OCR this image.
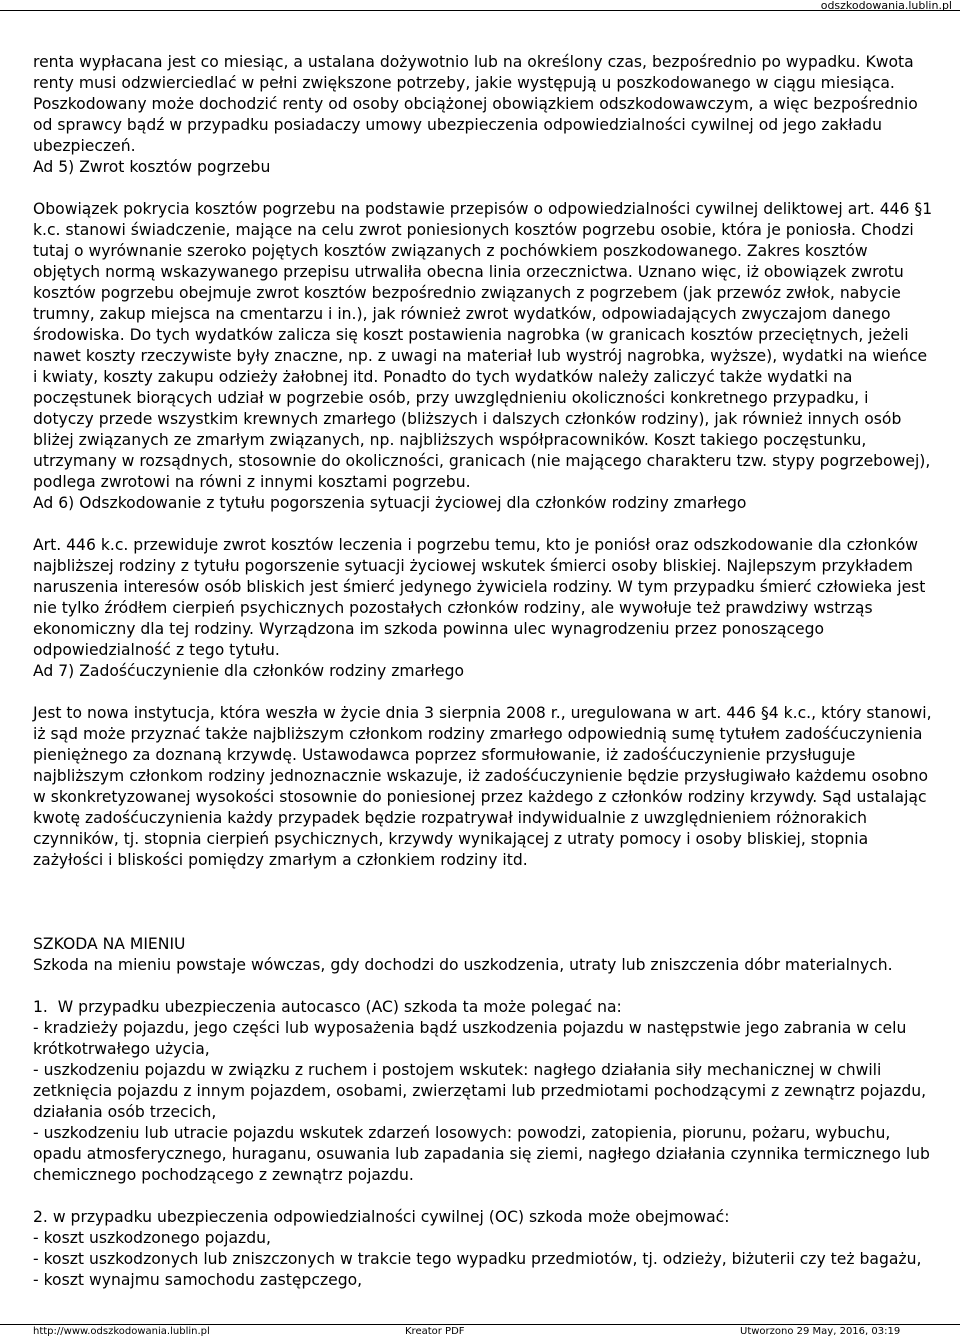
odszkodowania.lublin.pl

renta wypłacana jest co miesiąc, a ustalana dożywotnio lub na określony czas, bezpośrednio po wypadku. Kwota renty musi odzwierciedlać w pełni zwiększone potrzeby, jakie występują u poszkodowanego w ciągu miesiąca. Poszkodowany może dochodzić renty od osoby obciążonej obowiązkiem odszkodowawczym, a więc bezpośrednio od sprawcy bądź w przypadku posiadaczy umowy ubezpieczenia odpowiedzialności cywilnej od jego zakładu ubezpieczeń.

Ad 5) Zwrot kosztów pogrzebu

Obowiązek pokrycia kosztów pogrzebu na podstawie przepisów o odpowiedzialności cywilnej deliktowej art. 446 §1 k.c. stanowi świadczenie, mające na celu zwrot poniesionych kosztów pogrzebu osobie, która je poniosła. Chodzi tutaj o wyrównanie szeroko pojętych kosztów związanych z pochówkiem poszkodowanego. Zakres kosztów objętych normą wskazywanego przepisu utrwaliła obecna linia orzecznictwa. Uznano więc, iż obowiązek zwrotu kosztów pogrzebu obejmuje zwrot kosztów bezpośrednio związanych z pogrzebem (jak przewóz zwłok, nabycie trumny, zakup miejsca na cmentarzu i in.), jak również zwrot wydatków, odpowiadających zwyczajom danego środowiska. Do tych wydatków zalicza się koszt postawienia nagrobka (w granicach kosztów przeciętnych, jeżeli nawet koszty rzeczywiste były znaczne, np. z uwagi na materiał lub wystrój nagrobka, wyższe), wydatki na wieńce i kwiaty, koszty zakupu odzieży żałobnej itd. Ponadto do tych wydatków należy zaliczyć także wydatki na poczęstunek biorących udział w pogrzebie osób, przy uwzględnieniu okoliczności konkretnego przypadku, i dotyczy przede wszystkim krewnych zmarłego (bliższych i dalszych członków rodziny), jak również innych osób bliżej związanych ze zmarłym związanych, np. najbliższych współpracowników. Koszt takiego poczęstunku, utrzymany w rozsądnych, stosownie do okoliczności, granicach (nie mającego charakteru tzw. stypy pogrzebowej), podlega zwrotowi na równi z innymi kosztami pogrzebu.

Ad 6) Odszkodowanie z tytułu pogorszenia sytuacji życiowej dla członków rodziny zmarłego

Art. 446 k.c. przewiduje zwrot kosztów leczenia i pogrzebu temu, kto je poniósł oraz odszkodowanie dla członków najbliższej rodziny z tytułu pogorszenie sytuacji życiowej wskutek śmierci osoby bliskiej. Najlepszym przykładem naruszenia interesów osób bliskich jest śmierć jedynego żywiciela rodziny. W tym przypadku śmierć człowieka jest nie tylko źródłem cierpień psychicznych pozostałych członków rodziny, ale wywołuje też prawdziwy wstrząs ekonomiczny dla tej rodziny. Wyrządzona im szkoda powinna ulec wynagrodzeniu przez ponoszącego odpowiedzialność z tego tytułu.

Ad 7) Zadośćuczynienie dla członków rodziny zmarłego

Jest to nowa instytucja, która weszła w życie dnia 3 sierpnia 2008 r., uregulowana w art. 446 §4 k.c., który stanowi, iż sąd może przyznać także najbliższym członkom rodziny zmarłego odpowiednią sumę tytułem zadośćuczynienia pieniężnego za doznaną krzywdę. Ustawodawca poprzez sformułowanie, iż zadośćuczynienie przysługuje najbliższym członkom rodziny jednoznacznie wskazuje, iż zadośćuczynienie będzie przysługiwało każdemu osobno w skonkretyzowanej wysokości stosownie do poniesionej przez każdego z członków rodziny krzywdy. Sąd ustalając kwotę zadośćuczynienia każdy przypadek będzie rozpatrywał indywidualnie z uwzględnieniem różnorakich czynników, tj. stopnia cierpień psychicznych, krzywdy wynikającej z utraty pomocy i osoby bliskiej, stopnia zażyłości i bliskości pomiędzy zmarłym a członkiem rodziny itd.

SZKODA NA MIENIU

Szkoda na mieniu powstaje wówczas, gdy dochodzi do uszkodzenia, utraty lub zniszczenia dóbr materialnych.

1.  W przypadku ubezpieczenia autocasco (AC) szkoda ta może polegać na:

- kradzieży pojazdu, jego części lub wyposażenia bądź uszkodzenia pojazdu w następstwie jego zabrania w celu krótkotrwałego użycia,

- uszkodzeniu pojazdu w związku z ruchem i postojem wskutek: nagłego działania siły mechanicznej w chwili zetknięcia pojazdu z innym pojazdem, osobami, zwierzętami lub przedmiotami pochodzącymi z zewnątrz pojazdu, działania osób trzecich,

- uszkodzeniu lub utracie pojazdu wskutek zdarzeń losowych: powodzi, zatopienia, piorunu, pożaru, wybuchu, opadu atmosferycznego, huraganu, osuwania lub zapadania się ziemi, nagłego działania czynnika termicznego lub chemicznego pochodzącego z zewnątrz pojazdu.

2. w przypadku ubezpieczenia odpowiedzialności cywilnej (OC) szkoda może obejmować:

- koszt uszkodzonego pojazdu,

- koszt uszkodzonych lub zniszczonych w trakcie tego wypadku przedmiotów, tj. odzieży, biżuterii czy też bagażu,

- koszt wynajmu samochodu zastępczego,

http://www.odszkodowania.lublin.pl	Kreator PDF	Utworzono 29 May, 2016, 03:19
